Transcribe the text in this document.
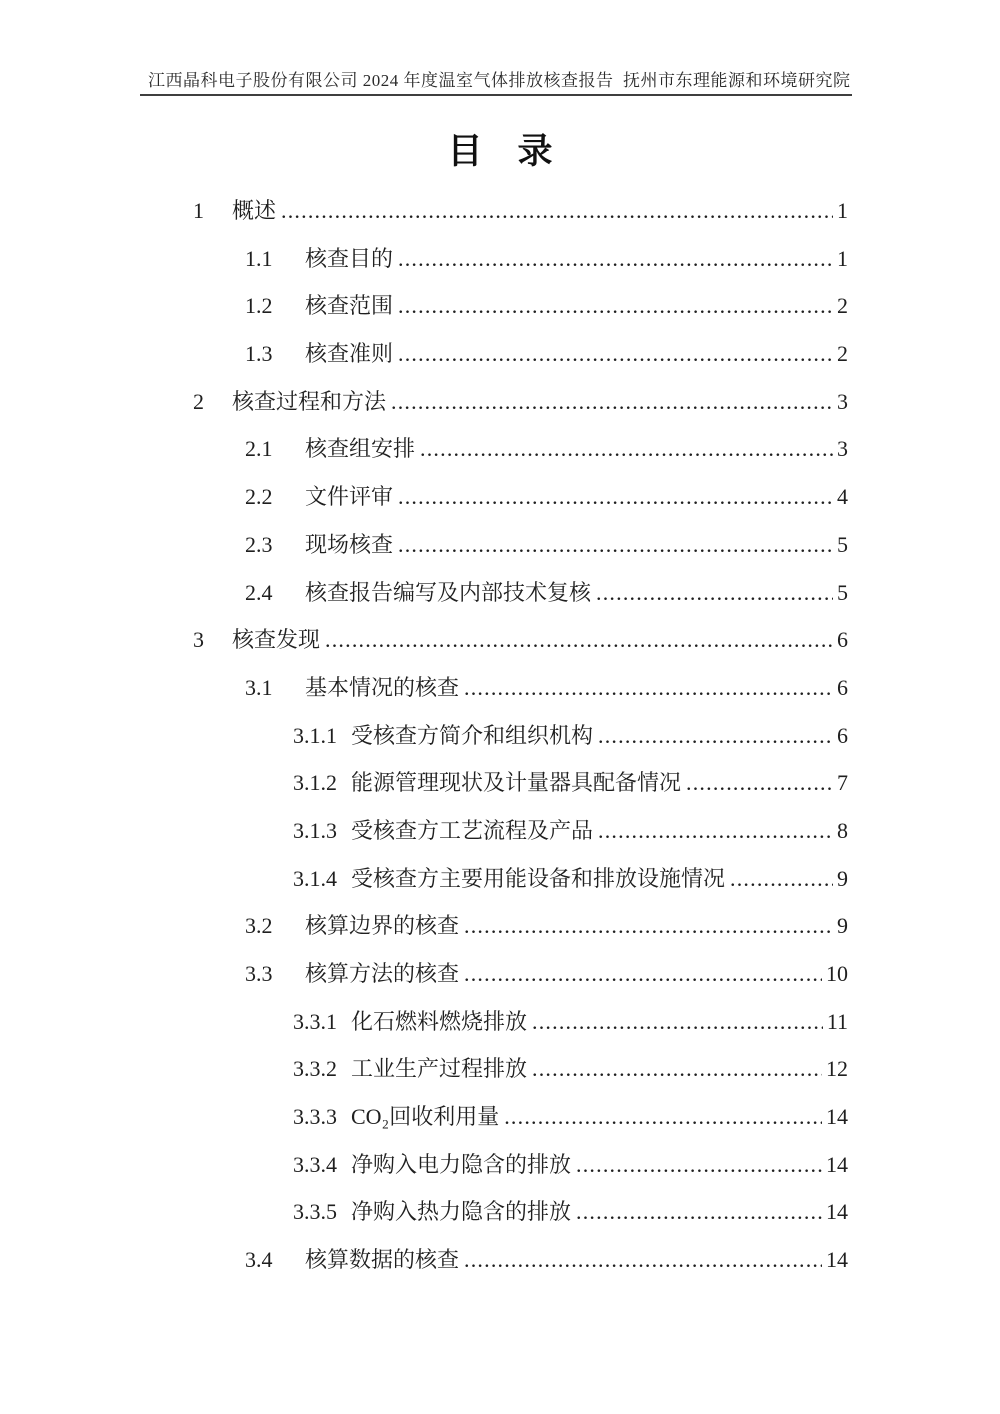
江西晶科电子股份有限公司 2024 年度温室气体排放核查报告  抚州市东理能源和环境研究院
目　录
1	概述 .....	1
1.1	核查目的 .....	1
1.2	核查范围 .....	2
1.3	核查准则 .....	2
2	核查过程和方法 .....	3
2.1	核查组安排 .....	3
2.2	文件评审 .....	4
2.3	现场核查 .....	5
2.4	核查报告编写及内部技术复核 .....	5
3	核查发现 .....	6
3.1	基本情况的核查 .....	6
3.1.1 受核查方简介和组织机构 .....	6
3.1.2 能源管理现状及计量器具配备情况 .....	7
3.1.3 受核查方工艺流程及产品 .....	8
3.1.4 受核查方主要用能设备和排放设施情况 .....	9
3.2	核算边界的核查 .....	9
3.3	核算方法的核查 .....	10
3.3.1 化石燃料燃烧排放 .....	11
3.3.2 工业生产过程排放 .....	12
3.3.3 CO₂回收利用量 .....	14
3.3.4 净购入电力隐含的排放 .....	14
3.3.5 净购入热力隐含的排放 .....	14
3.4	核算数据的核查 .....	14
